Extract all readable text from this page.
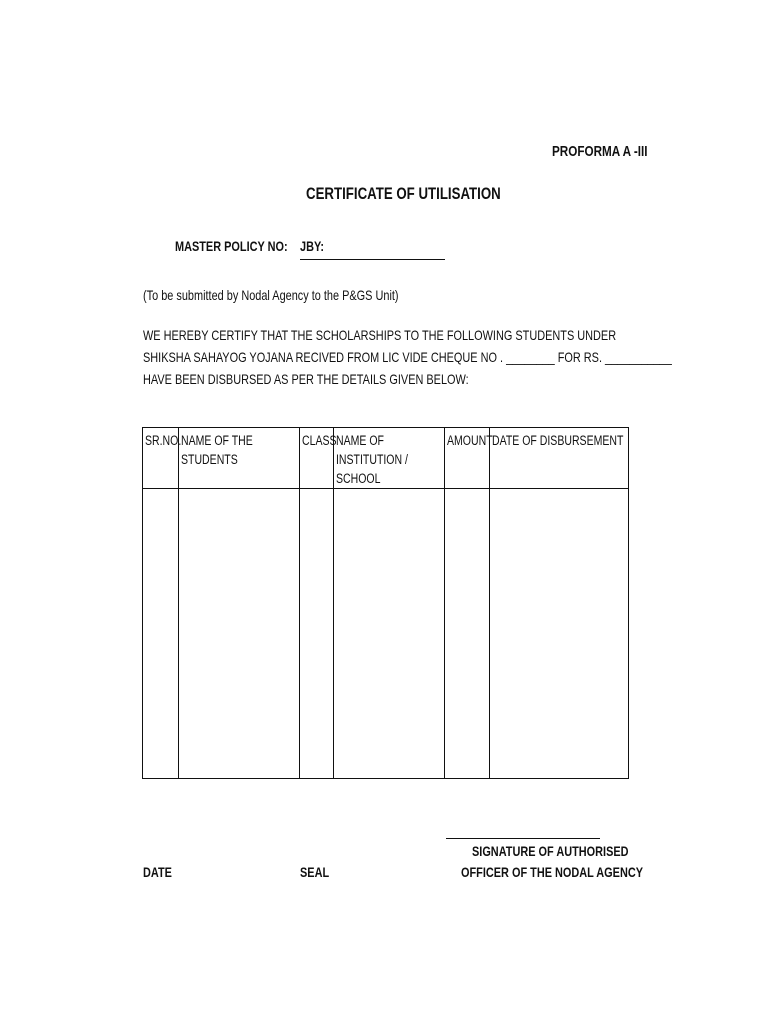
PROFORMA A -III
CERTIFICATE OF UTILISATION
MASTER POLICY NO: JBY:
(To be submitted by Nodal Agency to the P&GS Unit)
WE HEREBY CERTIFY THAT THE SCHOLARSHIPS TO THE FOLLOWING STUDENTS UNDER
SHIKSHA SAHAYOG YOJANA RECIVED FROM LIC VIDE CHEQUE NO . ________ FOR RS. ___________
HAVE BEEN DISBURSED AS PER THE DETAILS GIVEN BELOW:
SR.NO.	NAME OF THE STUDENTS	CLASS	NAME OF INSTITUTION / SCHOOL	AMOUNT	DATE OF DISBURSEMENT

SIGNATURE OF AUTHORISED
OFFICER OF THE NODAL AGENCY
DATE	SEAL
